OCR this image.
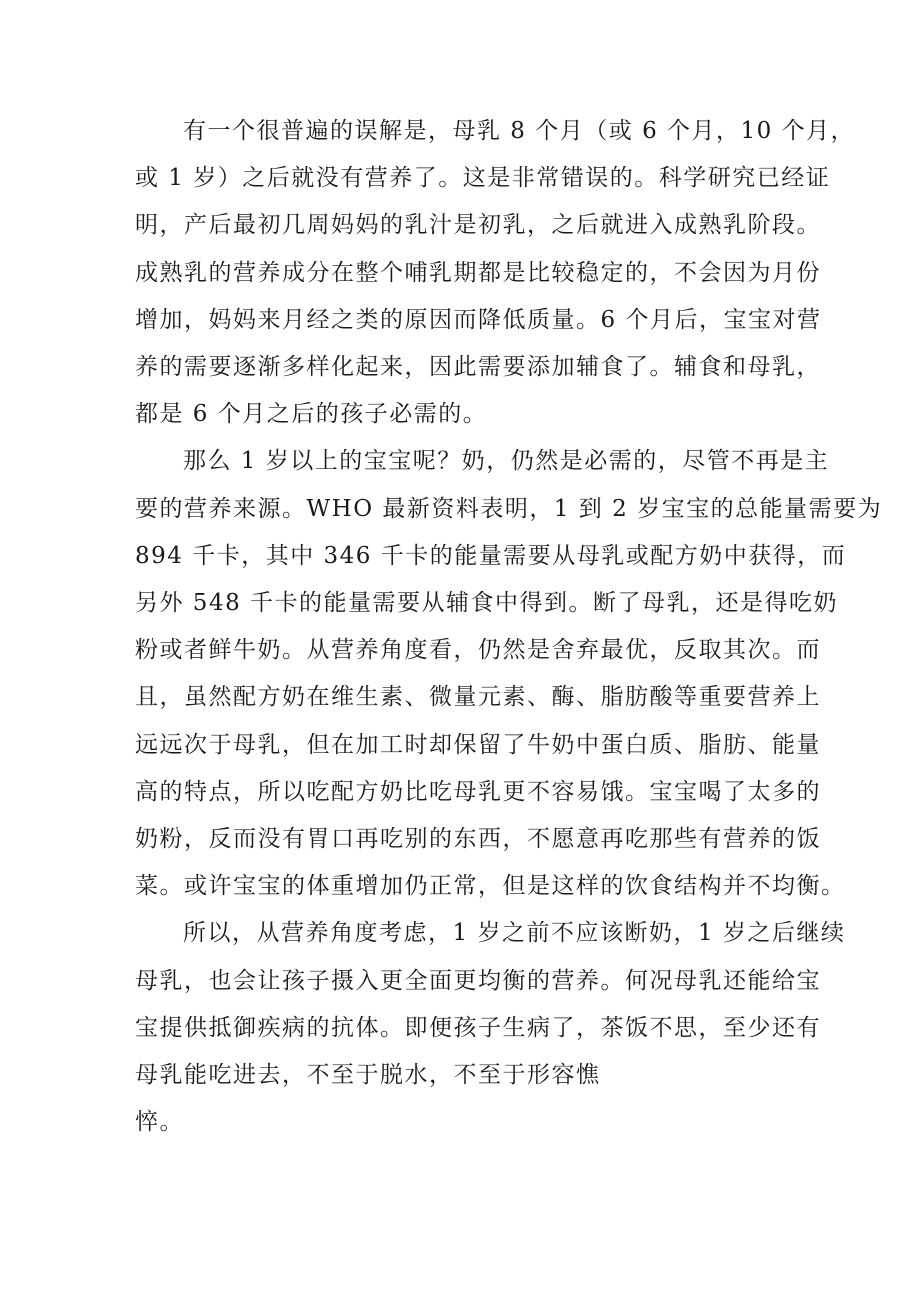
有一个很普遍的误解是，母乳 8 个月（或 6 个月，10 个月，
或 1 岁）之后就没有营养了。这是非常错误的。科学研究已经证
明，产后最初几周妈妈的乳汁是初乳，之后就进入成熟乳阶段。
成熟乳的营养成分在整个哺乳期都是比较稳定的，不会因为月份
增加，妈妈来月经之类的原因而降低质量。6 个月后，宝宝对营
养的需要逐渐多样化起来，因此需要添加辅食了。辅食和母乳，
都是 6 个月之后的孩子必需的。
那么 1 岁以上的宝宝呢？奶，仍然是必需的，尽管不再是主
要的营养来源。WHO 最新资料表明，1 到 2 岁宝宝的总能量需要为
894 千卡，其中 346 千卡的能量需要从母乳或配方奶中获得，而
另外 548 千卡的能量需要从辅食中得到。断了母乳，还是得吃奶
粉或者鲜牛奶。从营养角度看，仍然是舍弃最优，反取其次。而
且，虽然配方奶在维生素、微量元素、酶、脂肪酸等重要营养上
远远次于母乳，但在加工时却保留了牛奶中蛋白质、脂肪、能量
高的特点，所以吃配方奶比吃母乳更不容易饿。宝宝喝了太多的
奶粉，反而没有胃口再吃别的东西，不愿意再吃那些有营养的饭
菜。或许宝宝的体重增加仍正常，但是这样的饮食结构并不均衡。
所以，从营养角度考虑，1 岁之前不应该断奶，1 岁之后继续
母乳，也会让孩子摄入更全面更均衡的营养。何况母乳还能给宝
宝提供抵御疾病的抗体。即便孩子生病了，茶饭不思，至少还有
母乳能吃进去，不至于脱水，不至于形容憔
悴。
